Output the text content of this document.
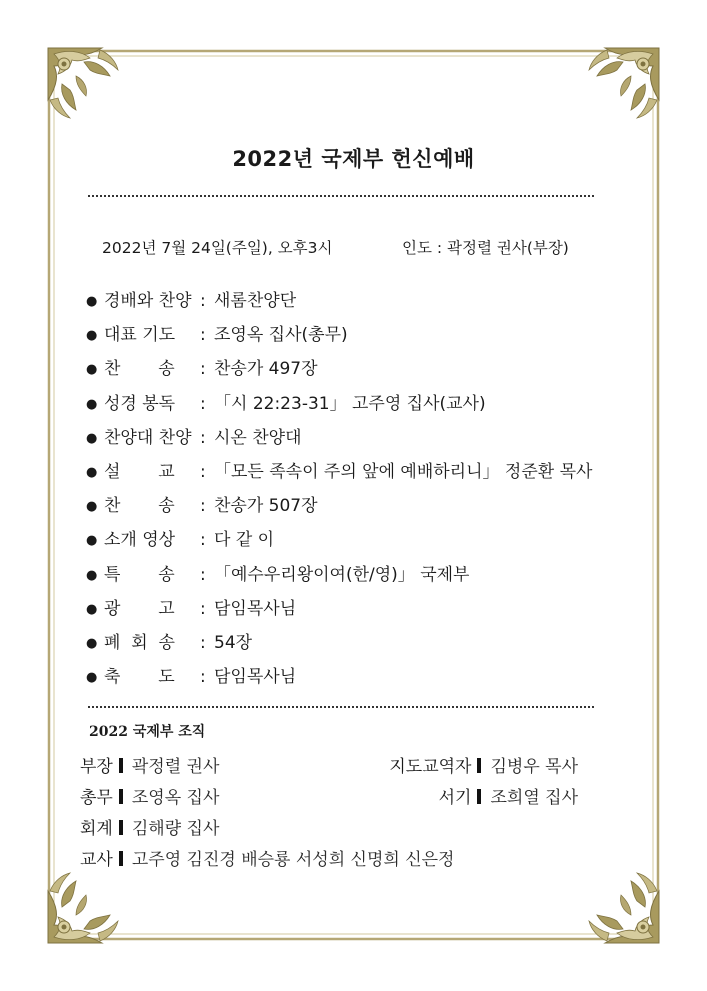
2022년 국제부 헌신예배
2022년 7월 24일(주일), 오후3시	인도 : 곽정렬 권사(부장)
● 경배와 찬양 : 새롬찬양단
● 대표 기도 : 조영옥 집사(총무)
● 찬       송 : 찬송가 497장
● 성경 봉독 : 「시 22:23-31」 고주영 집사(교사)
● 찬양대 찬양 : 시온 찬양대
● 설       교 : 「모든 족속이 주의 앞에 예배하리니」 정준환 목사
● 찬       송 : 찬송가 507장
● 소개 영상 : 다 같 이
● 특       송 : 「예수우리왕이여(한/영)」 국제부
● 광       고 : 담임목사님
● 폐  회  송 : 54장
● 축       도 : 담임목사님
2022 국제부 조직
부장 곽정렬 권사	지도교역자 김병우 목사
총무 조영옥 집사	서기 조희열 집사
회계 김해량 집사
교사 고주영 김진경 배승룡 서성희 신명희 신은정
